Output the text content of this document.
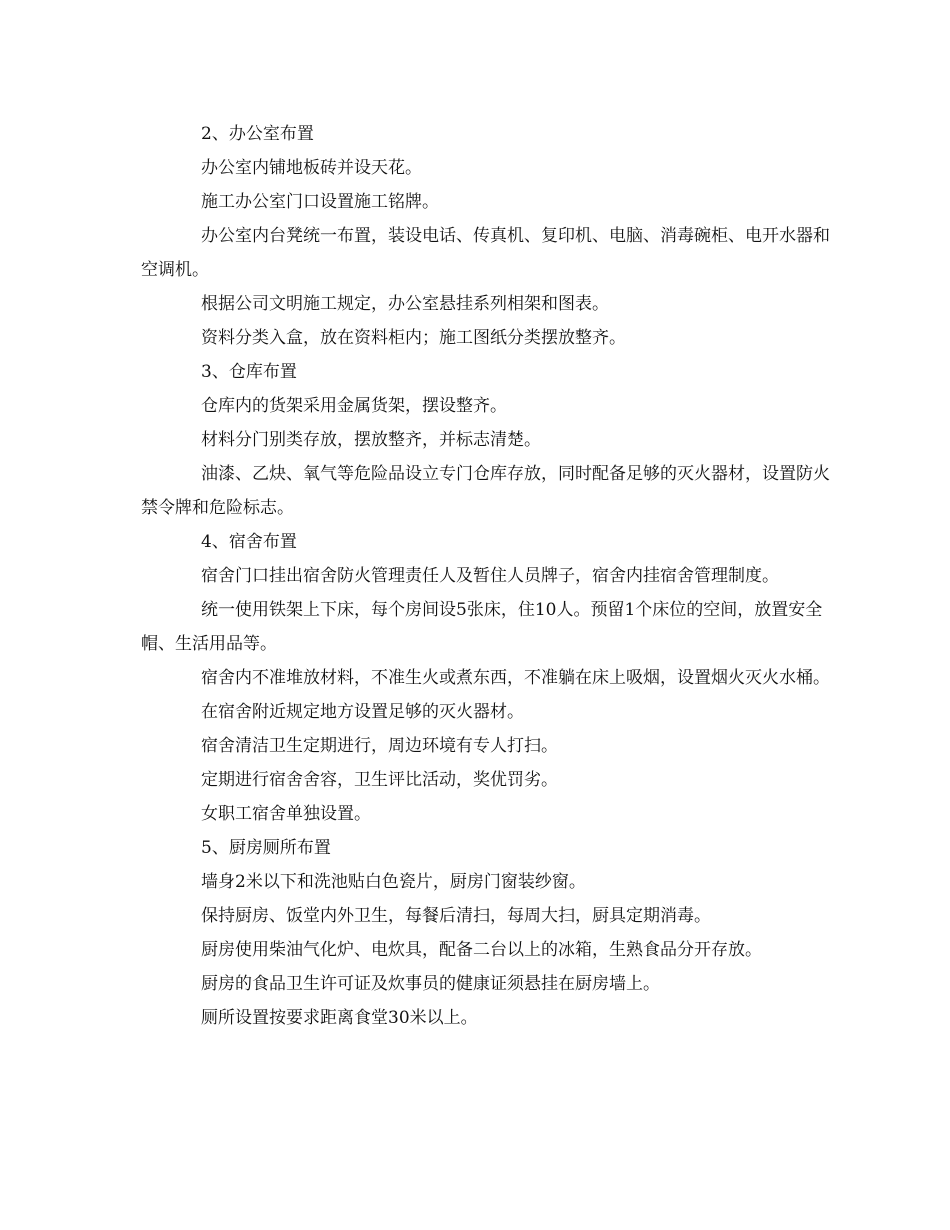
2、办公室布置

办公室内铺地板砖并设天花。

施工办公室门口设置施工铭牌。

办公室内台凳统一布置，装设电话、传真机、复印机、电脑、消毒碗柜、电开水器和空调机。

根据公司文明施工规定，办公室悬挂系列相架和图表。

资料分类入盒，放在资料柜内；施工图纸分类摆放整齐。

3、仓库布置

仓库内的货架采用金属货架，摆设整齐。

材料分门别类存放，摆放整齐，并标志清楚。

油漆、乙炔、氧气等危险品设立专门仓库存放，同时配备足够的灭火器材，设置防火禁令牌和危险标志。

4、宿舍布置

宿舍门口挂出宿舍防火管理责任人及暂住人员牌子，宿舍内挂宿舍管理制度。

统一使用铁架上下床，每个房间设5张床，住10人。预留1个床位的空间，放置安全帽、生活用品等。

宿舍内不准堆放材料，不准生火或煮东西，不准躺在床上吸烟，设置烟火灭火水桶。

在宿舍附近规定地方设置足够的灭火器材。

宿舍清洁卫生定期进行，周边环境有专人打扫。

定期进行宿舍舍容，卫生评比活动，奖优罚劣。

女职工宿舍单独设置。

5、厨房厕所布置

墙身2米以下和洗池贴白色瓷片，厨房门窗装纱窗。

保持厨房、饭堂内外卫生，每餐后清扫，每周大扫，厨具定期消毒。

厨房使用柴油气化炉、电炊具，配备二台以上的冰箱，生熟食品分开存放。

厨房的食品卫生许可证及炊事员的健康证须悬挂在厨房墙上。

厕所设置按要求距离食堂30米以上。
